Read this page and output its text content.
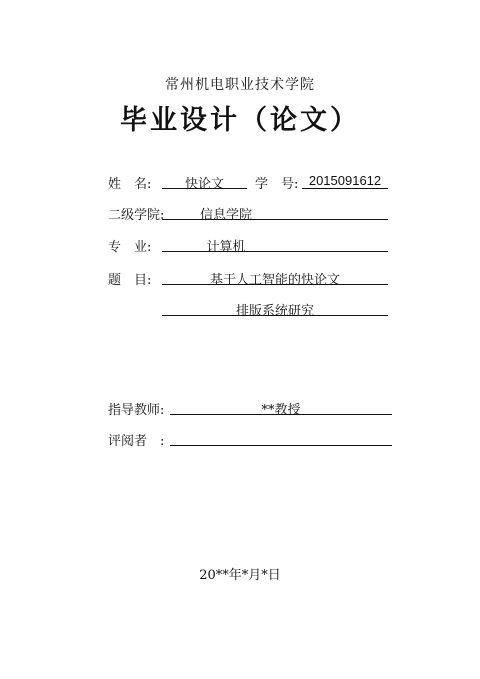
常州机电职业技术学院
毕业设计（论文）
姓　名:	快论文	学　号: 2015091612
二级学院:	信息学院
专　业:	计算机
题　目:	基于人工智能的快论文
排版系统研究
指导教师:	**教授
评阅者　:
20**年*月*日
